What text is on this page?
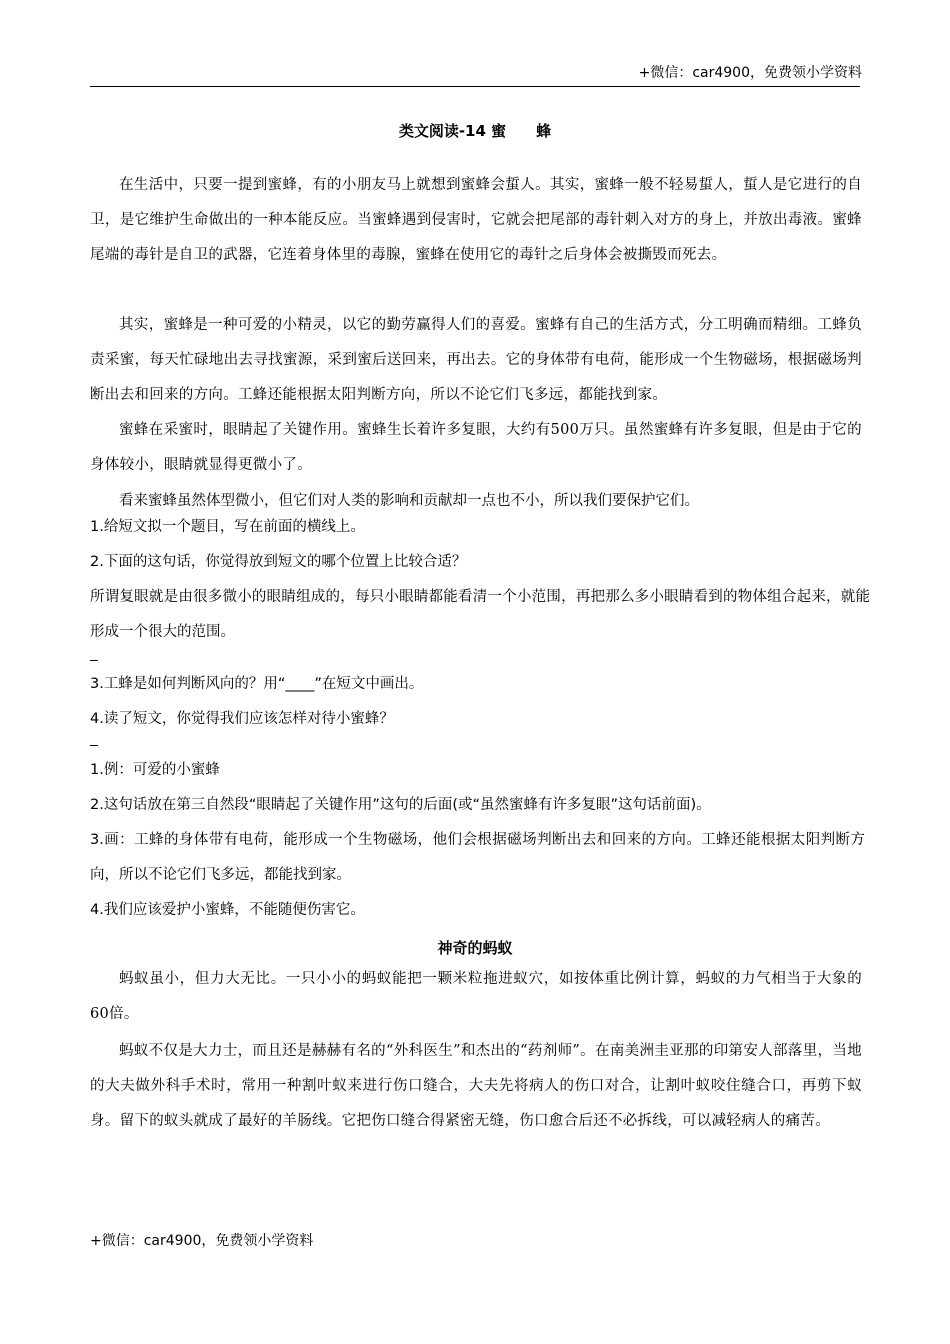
+微信：car4900，免费领小学资料
类文阅读-14 蜜　　蜂
在生活中，只要一提到蜜蜂，有的小朋友马上就想到蜜蜂会蜇人。其实，蜜蜂一般不轻易蜇人，蜇人是它进行的自卫，是它维护生命做出的一种本能反应。当蜜蜂遇到侵害时，它就会把尾部的毒针刺入对方的身上，并放出毒液。蜜蜂尾端的毒针是自卫的武器，它连着身体里的毒腺，蜜蜂在使用它的毒针之后身体会被撕毁而死去。
其实，蜜蜂是一种可爱的小精灵，以它的勤劳赢得人们的喜爱。蜜蜂有自己的生活方式，分工明确而精细。工蜂负责采蜜，每天忙碌地出去寻找蜜源，采到蜜后送回来，再出去。它的身体带有电荷，能形成一个生物磁场，根据磁场判断出去和回来的方向。工蜂还能根据太阳判断方向，所以不论它们飞多远，都能找到家。
蜜蜂在采蜜时，眼睛起了关键作用。蜜蜂生长着许多复眼，大约有500万只。虽然蜜蜂有许多复眼，但是由于它的身体较小，眼睛就显得更微小了。
看来蜜蜂虽然体型微小，但它们对人类的影响和贡献却一点也不小，所以我们要保护它们。
1.给短文拟一个题目，写在前面的横线上。
2.下面的这句话，你觉得放到短文的哪个位置上比较合适？
所谓复眼就是由很多微小的眼睛组成的，每只小眼睛都能看清一个小范围，再把那么多小眼睛看到的物体组合起来，就能形成一个很大的范围。
3.工蜂是如何判断风向的？用“____”在短文中画出。
4.读了短文，你觉得我们应该怎样对待小蜜蜂？
1.例：可爱的小蜜蜂
2.这句话放在第三自然段“眼睛起了关键作用”这句的后面(或“虽然蜜蜂有许多复眼”这句话前面)。
3.画：工蜂的身体带有电荷，能形成一个生物磁场，他们会根据磁场判断出去和回来的方向。工蜂还能根据太阳判断方向，所以不论它们飞多远，都能找到家。
4.我们应该爱护小蜜蜂，不能随便伤害它。
神奇的蚂蚁
蚂蚁虽小，但力大无比。一只小小的蚂蚁能把一颗米粒拖进蚁穴，如按体重比例计算，蚂蚁的力气相当于大象的60倍。
蚂蚁不仅是大力士，而且还是赫赫有名的“外科医生”和杰出的“药剂师”。在南美洲圭亚那的印第安人部落里，当地的大夫做外科手术时，常用一种割叶蚁来进行伤口缝合，大夫先将病人的伤口对合，让割叶蚁咬住缝合口，再剪下蚁身。留下的蚁头就成了最好的羊肠线。它把伤口缝合得紧密无缝，伤口愈合后还不必拆线，可以减轻病人的痛苦。
+微信：car4900，免费领小学资料
